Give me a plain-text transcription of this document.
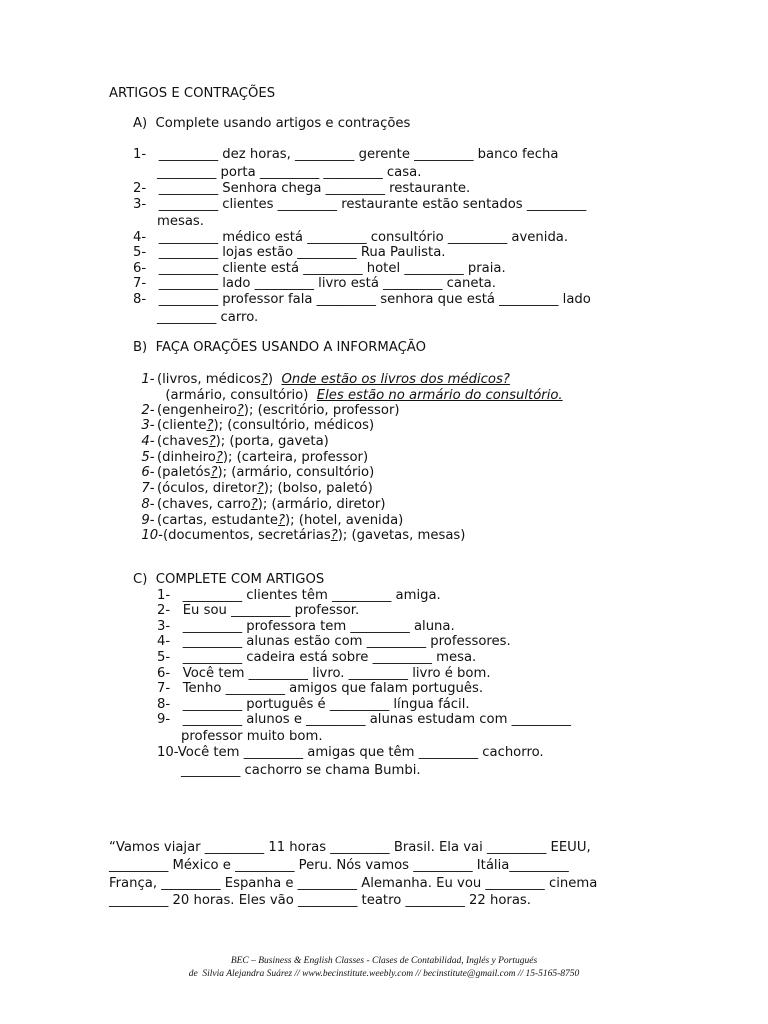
ARTIGOS E CONTRAÇÕES
A)  Complete usando artigos e contrações
1-   _________ dez horas, _________ gerente _________ banco fecha
_________ porta _________ _________ casa.
2-   _________ Senhora chega _________ restaurante.
3-   _________ clientes _________ restaurante estão sentados _________
mesas.
4-   _________ médico está _________ consultório _________ avenida.
5-   _________ lojas estão _________ Rua Paulista.
6-   _________ cliente está _________ hotel _________ praia.
7-   _________ lado _________ livro está _________ caneta.
8-   _________ professor fala _________ senhora que está _________ lado
_________ carro.
B)  FAÇA ORAÇÕES USANDO A INFORMAÇÃO

1- (livros, médicos?)  Onde estão os livros dos médicos?

(armário, consultório)  Eles estão no armário do consultório.

2- (engenheiro?); (escritório, professor)

3- (cliente?); (consultório, médicos)

4- (chaves?); (porta, gaveta)

5- (dinheiro?); (carteira, professor)

6- (paletós?); (armário, consultório)

7- (óculos, diretor?); (bolso, paletó)

8- (chaves, carro?); (armário, diretor)

9- (cartas, estudante?); (hotel, avenida)

10-(documentos, secretárias?); (gavetas, mesas)

C)  COMPLETE COM ARTIGOS
1-   _________ clientes têm _________ amiga.
2-   Eu sou _________ professor.
3-   _________ professora tem _________ aluna.
4-   _________ alunas estão com _________ professores.
5-   _________ cadeira está sobre _________ mesa.
6-   Você tem _________ livro. _________ livro é bom.
7-   Tenho _________ amigos que falam português.
8-   _________ português é _________ língua fácil.
9-   _________ alunos e _________ alunas estudam com _________
professor muito bom.
10-Você tem _________ amigas que têm _________ cachorro.
_________ cachorro se chama Bumbi.
“Vamos viajar _________ 11 horas _________ Brasil. Ela vai _________ EEUU,
_________ México e _________ Peru. Nós vamos _________ Itália_________
França, _________ Espanha e _________ Alemanha. Eu vou _________ cinema
_________ 20 horas. Eles vão _________ teatro _________ 22 horas.
BEC – Business & English Classes - Clases de Contabilidad, Inglés y Portugués
de  Silvia Alejandra Suárez // www.becinstitute.weebly.com // becinstitute@gmail.com // 15-5165-8750
